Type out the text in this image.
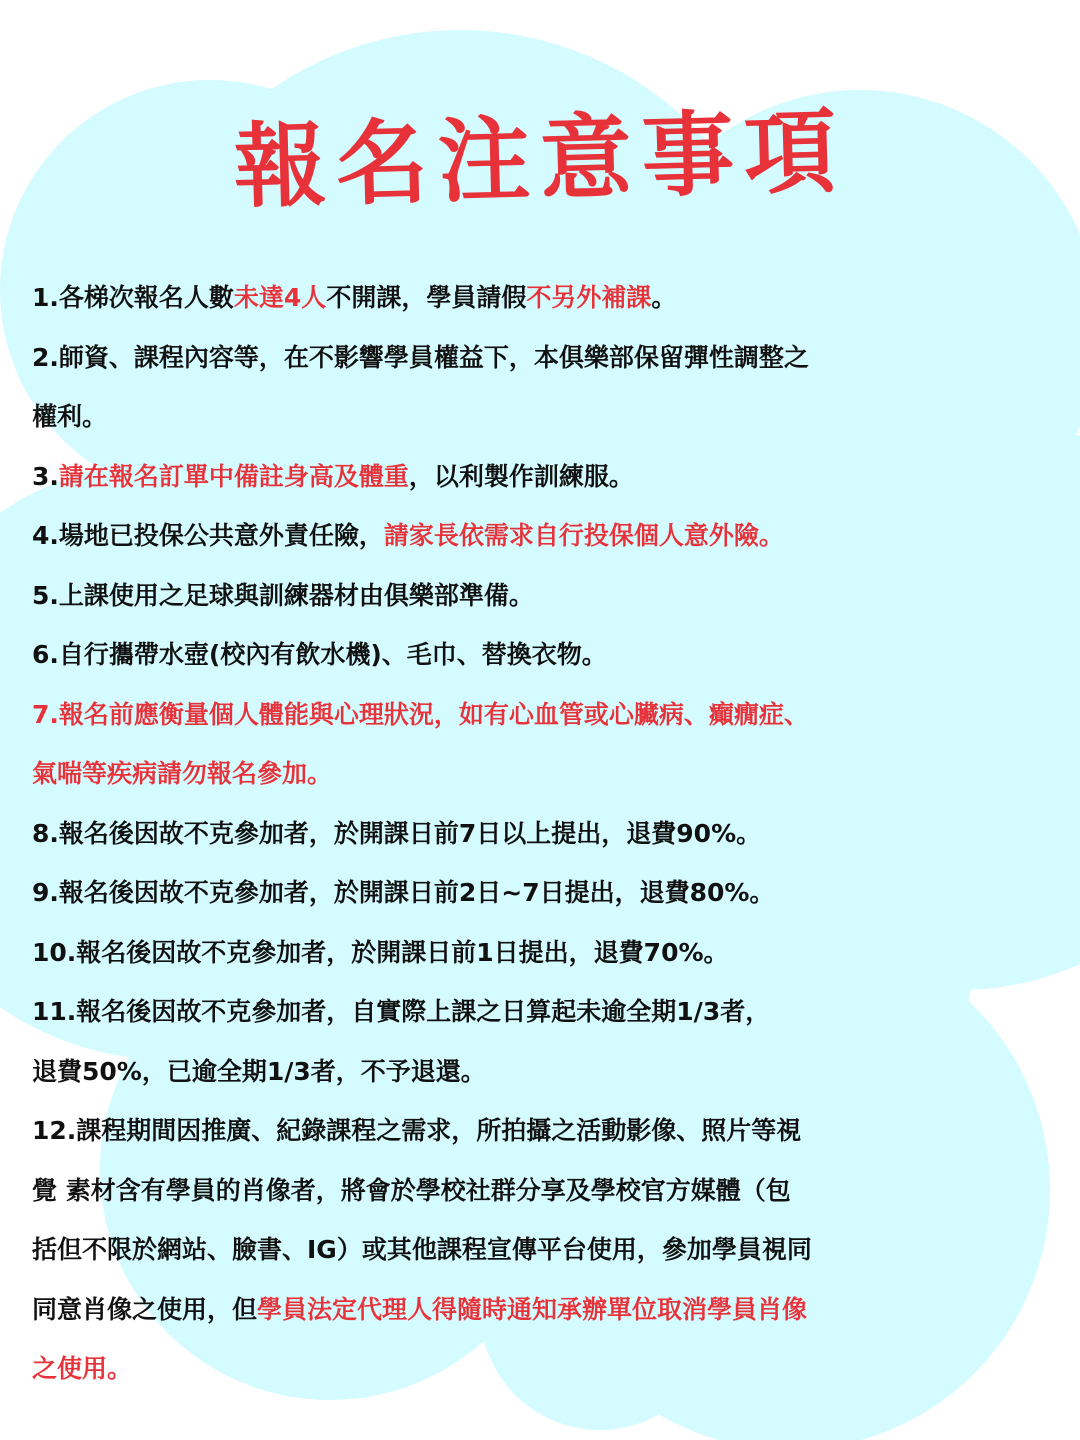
報名注意事項
1.各梯次報名人數未達4人不開課，學員請假不另外補課。
2.師資、課程內容等，在不影響學員權益下，本俱樂部保留彈性調整之
權利。
3.請在報名訂單中備註身高及體重，以利製作訓練服。
4.場地已投保公共意外責任險，請家長依需求自行投保個人意外險。
5.上課使用之足球與訓練器材由俱樂部準備。
6.自行攜帶水壺(校內有飲水機)、毛巾、替換衣物。
7.報名前應衡量個人體能與心理狀況，如有心血管或心臟病、癲癇症、
氣喘等疾病請勿報名參加。
8.報名後因故不克參加者，於開課日前7日以上提出，退費90%。
9.報名後因故不克參加者，於開課日前2日~7日提出，退費80%。
10.報名後因故不克參加者，於開課日前1日提出，退費70%。
11.報名後因故不克參加者，自實際上課之日算起未逾全期1/3者，
退費50%，已逾全期1/3者，不予退還。
12.課程期間因推廣、紀錄課程之需求，所拍攝之活動影像、照片等視
覺 素材含有學員的肖像者，將會於學校社群分享及學校官方媒體（包
括但不限於網站、臉書、IG）或其他課程宣傳平台使用，參加學員視同
同意肖像之使用，但學員法定代理人得隨時通知承辦單位取消學員肖像
之使用。
